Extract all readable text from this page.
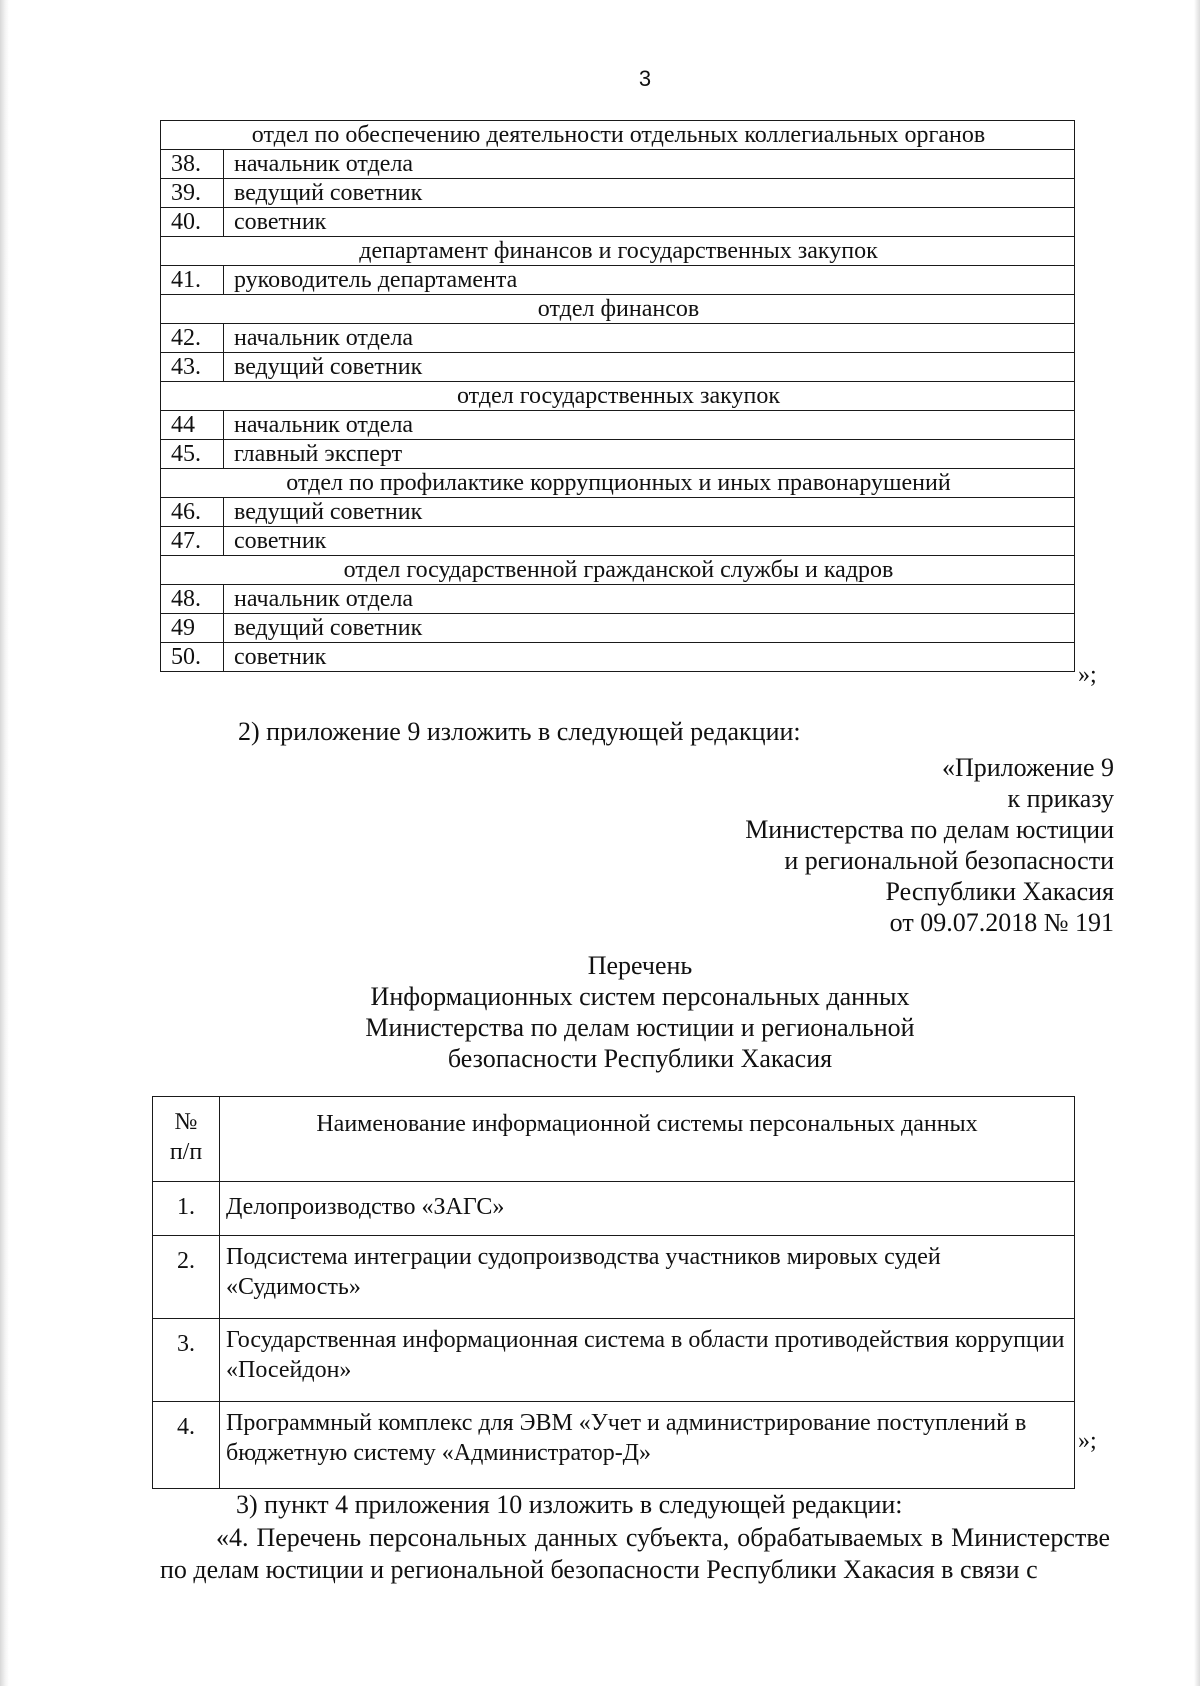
3
отдел по обеспечению деятельности отдельных коллегиальных органов	
38.	начальник отдела
39.	ведущий советник
40.	советник
департамент финансов и государственных закупок	
41.	руководитель департамента
отдел финансов	
42.	начальник отдела
43.	ведущий советник
отдел государственных закупок	
44	начальник отдела
45.	главный эксперт
отдел по профилактике коррупционных и иных правонарушений	
46.	ведущий советник
47.	советник
отдел государственной гражданской службы и кадров	
48.	начальник отдела
49	ведущий советник
50.	советник
»;
2) приложение 9 изложить в следующей редакции:
«Приложение 9
к приказу
Министерства по делам юстиции
и региональной безопасности
Республики Хакасия
от 09.07.2018 № 191
Перечень
Информационных систем персональных данных
Министерства по делам юстиции и региональной
безопасности Республики Хакасия
№
п/п	Наименование информационной системы персональных данных
1.	Делопроизводство «ЗАГС»
2.	Подсистема интеграции судопроизводства участников мировых судей «Судимость»
3.	Государственная информационная система в области противодействия коррупции «Посейдон»
4.	Программный комплекс для ЭВМ «Учет и администрирование поступлений в бюджетную систему «Администратор-Д»	»;
3) пункт 4 приложения 10 изложить в следующей редакции:
«4. Перечень персональных данных субъекта, обрабатываемых в Министерстве по делам юстиции и региональной безопасности Республики Хакасия в связи с
